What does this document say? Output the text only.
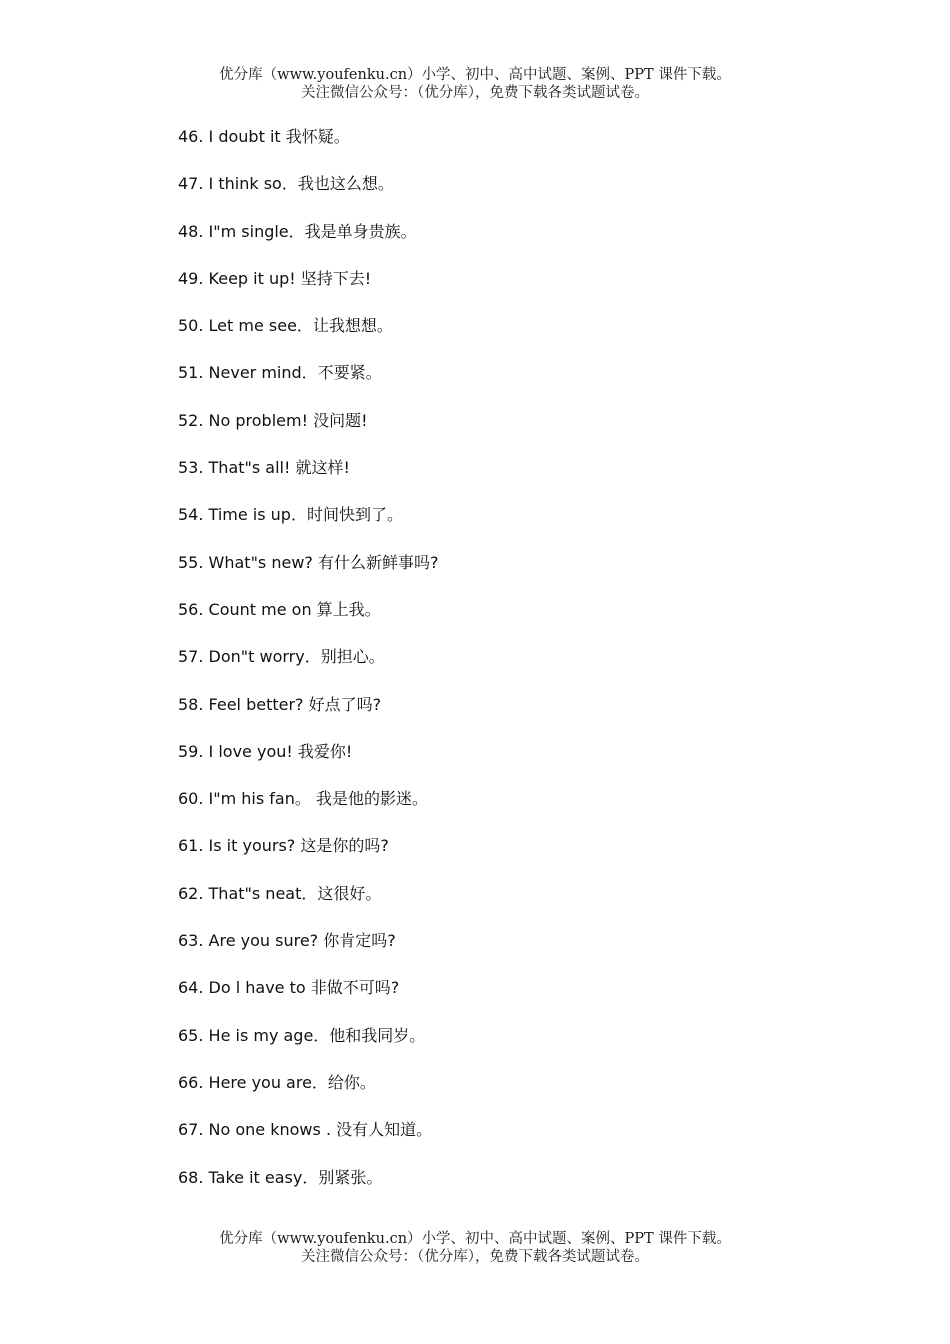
优分库（www.youfenku.cn）小学、初中、高中试题、案例、PPT 课件下载。
关注微信公众号：（优分库），免费下载各类试题试卷。
46. I doubt it 我怀疑。
47. I think so．我也这么想。
48. I"m single．我是单身贵族。
49. Keep it up! 坚持下去!
50. Let me see．让我想想。
51. Never mind．不要紧。
52. No problem! 没问题!
53. That"s all! 就这样!
54. Time is up．时间快到了。
55. What"s new? 有什么新鲜事吗?
56. Count me on 算上我。
57. Don"t worry．别担心。
58. Feel better? 好点了吗?
59. I love you! 我爱你!
60. I"m his fan。 我是他的影迷。
61. Is it yours? 这是你的吗?
62. That"s neat．这很好。
63. Are you sure? 你肯定吗?
64. Do l have to 非做不可吗?
65. He is my age．他和我同岁。
66. Here you are．给你。
67. No one knows . 没有人知道。
68. Take it easy．别紧张。
优分库（www.youfenku.cn）小学、初中、高中试题、案例、PPT 课件下载。
关注微信公众号：（优分库），免费下载各类试题试卷。
